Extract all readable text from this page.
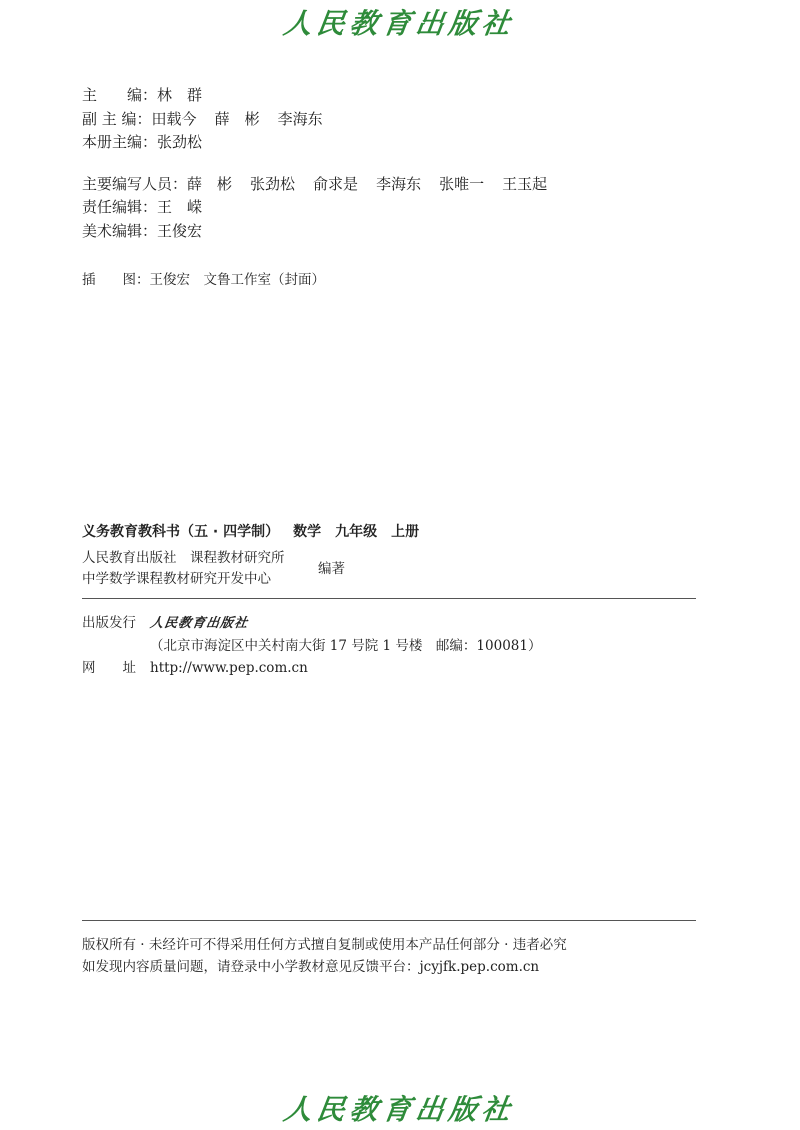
人民教育出版社
主　　编：林　群
副 主 编：田载今 薛　彬 李海东
本册主编：张劲松
主要编写人员：薛　彬 张劲松 俞求是 李海东 张唯一 王玉起
责任编辑：王　嵘
美术编辑：王俊宏
插　　图：王俊宏　文鲁工作室（封面）
义务教育教科书（五 · 四学制） 数学 九年级 上册
人民教育出版社　课程教材研究所
中学数学课程教材研究开发中心
编著
出版发行 人民教育出版社
（北京市海淀区中关村南大街 17 号院 1 号楼　邮编：100081）
网　　址 http://www.pep.com.cn
版权所有 · 未经许可不得采用任何方式擅自复制或使用本产品任何部分 · 违者必究
如发现内容质量问题，请登录中小学教材意见反馈平台：jcyjfk.pep.com.cn
人民教育出版社
